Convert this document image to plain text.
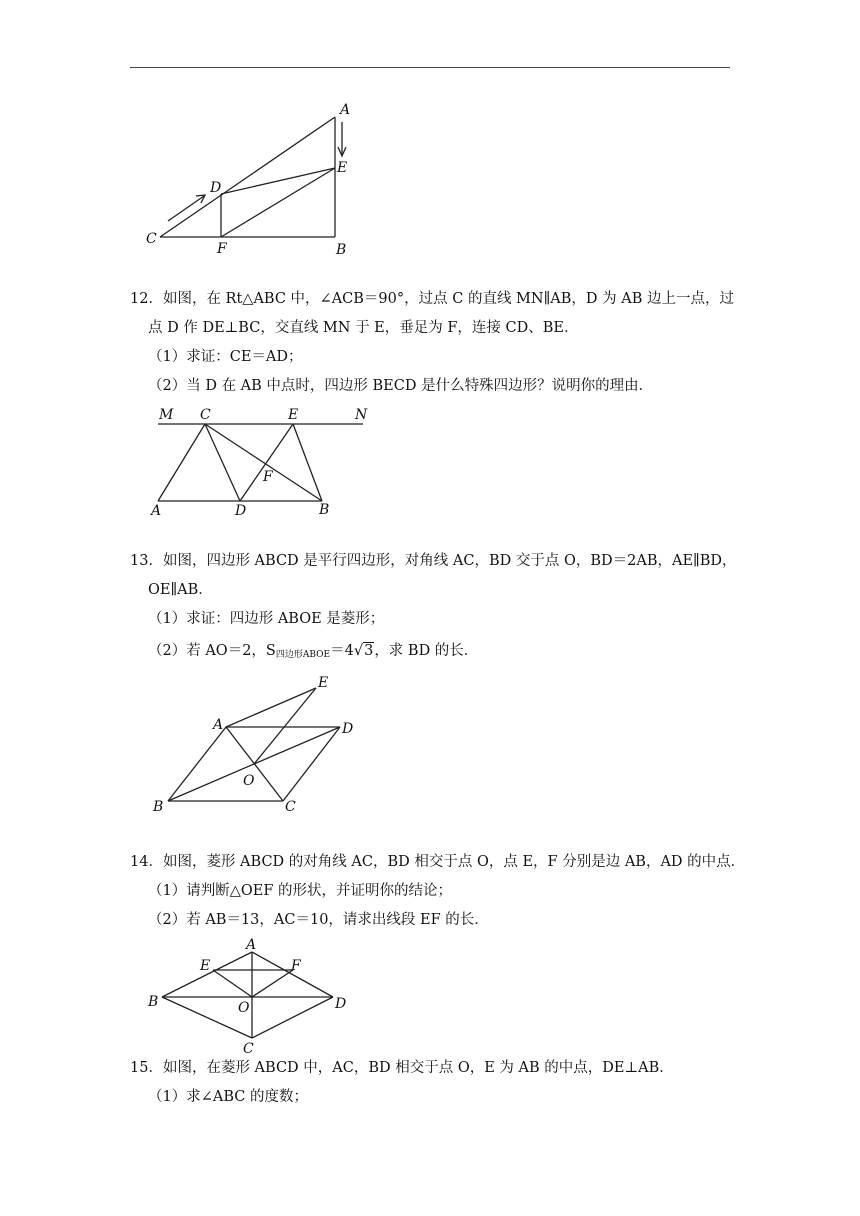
A
B
C
D
E
F
12．如图，在 Rt△ABC 中，∠ACB＝90°，过点 C 的直线 MN∥AB，D 为 AB 边上一点，过
点 D 作 DE⊥BC，交直线 MN 于 E，垂足为 F，连接 CD、BE．
（1）求证：CE＝AD；
（2）当 D 在 AB 中点时，四边形 BECD 是什么特殊四边形？说明你的理由．
M	N
C	E
F
A	D	B
13．如图，四边形 ABCD 是平行四边形，对角线 AC，BD 交于点 O，BD＝2AB，AE∥BD，
OE∥AB．
（1）求证：四边形 ABOE 是菱形；
（2）若 AO＝2，$S_{四边形ABOE}=4√3$，求 BD 的长．
A
B	C
D
E
O
14．如图，菱形 ABCD 的对角线 AC，BD 相交于点 O，点 E，F 分别是边 AB，AD 的中点．
（1）请判断△OEF 的形状，并证明你的结论；
（2）若 AB＝13，AC＝10，请求出线段 EF 的长．
A
B
C
D
E	F
O
15．如图，在菱形 ABCD 中，AC，BD 相交于点 O，E 为 AB 的中点，DE⊥AB．
（1）求∠ABC 的度数；
